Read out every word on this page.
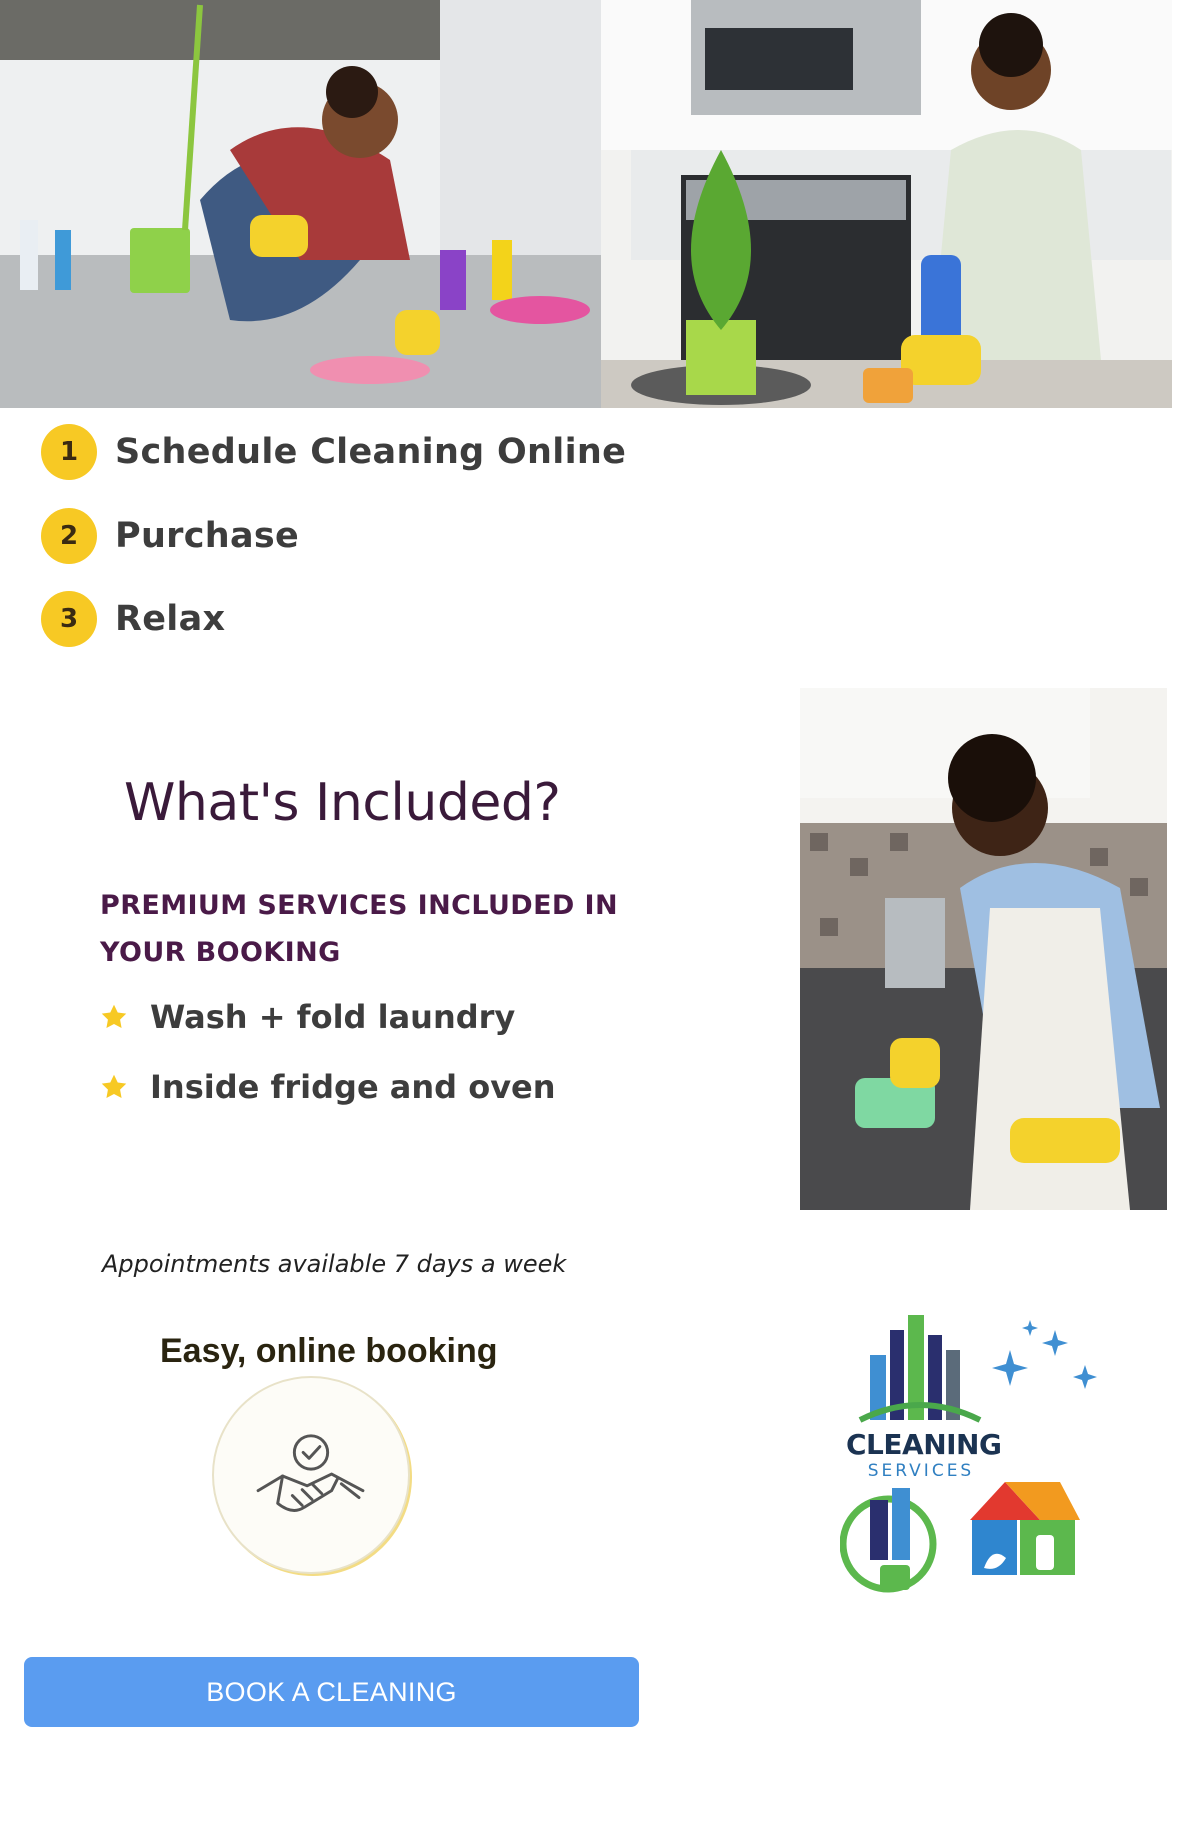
1	Schedule Cleaning Online
2	Purchase
3	Relax
What's Included?
PREMIUM SERVICES INCLUDED IN YOUR BOOKING
Wash + fold laundry
Inside fridge and oven
Appointments available 7 days a week
Easy, online booking
CLEANING
SERVICES
BOOK A CLEANING
